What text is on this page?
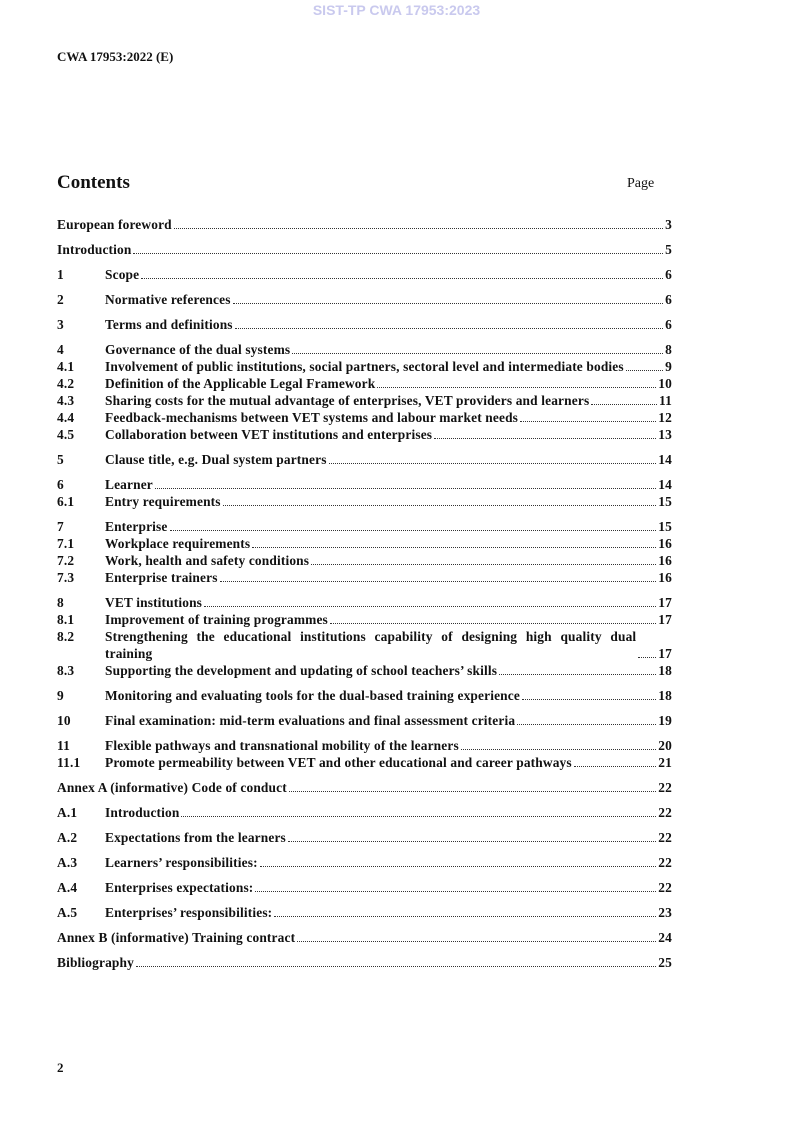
SIST-TP CWA 17953:2023
CWA 17953:2022 (E)
Contents	Page
European foreword	3
Introduction	5
1	Scope	6
2	Normative references	6
3	Terms and definitions	6
4	Governance of the dual systems	8
4.1	Involvement of public institutions, social partners, sectoral level and intermediate bodies	9
4.2	Definition of the Applicable Legal Framework	10
4.3	Sharing costs for the mutual advantage of enterprises, VET providers and learners	11
4.4	Feedback-mechanisms between VET systems and labour market needs	12
4.5	Collaboration between VET institutions and enterprises	13
5	Clause title, e.g. Dual system partners	14
6	Learner	14
6.1	Entry requirements	15
7	Enterprise	15
7.1	Workplace requirements	16
7.2	Work, health and safety conditions	16
7.3	Enterprise trainers	16
8	VET institutions	17
8.1	Improvement of training programmes	17
8.2	Strengthening the educational institutions capability of designing high quality dual training	17
8.3	Supporting the development and updating of school teachers’ skills	18
9	Monitoring and evaluating tools for the dual-based training experience	18
10	Final examination: mid-term evaluations and final assessment criteria	19
11	Flexible pathways and transnational mobility of the learners	20
11.1	Promote permeability between VET and other educational and career pathways	21
Annex A (informative) Code of conduct	22
A.1	Introduction	22
A.2	Expectations from the learners	22
A.3	Learners’ responsibilities:	22
A.4	Enterprises expectations:	22
A.5	Enterprises’ responsibilities:	23
Annex B (informative) Training contract	24
Bibliography	25
2
